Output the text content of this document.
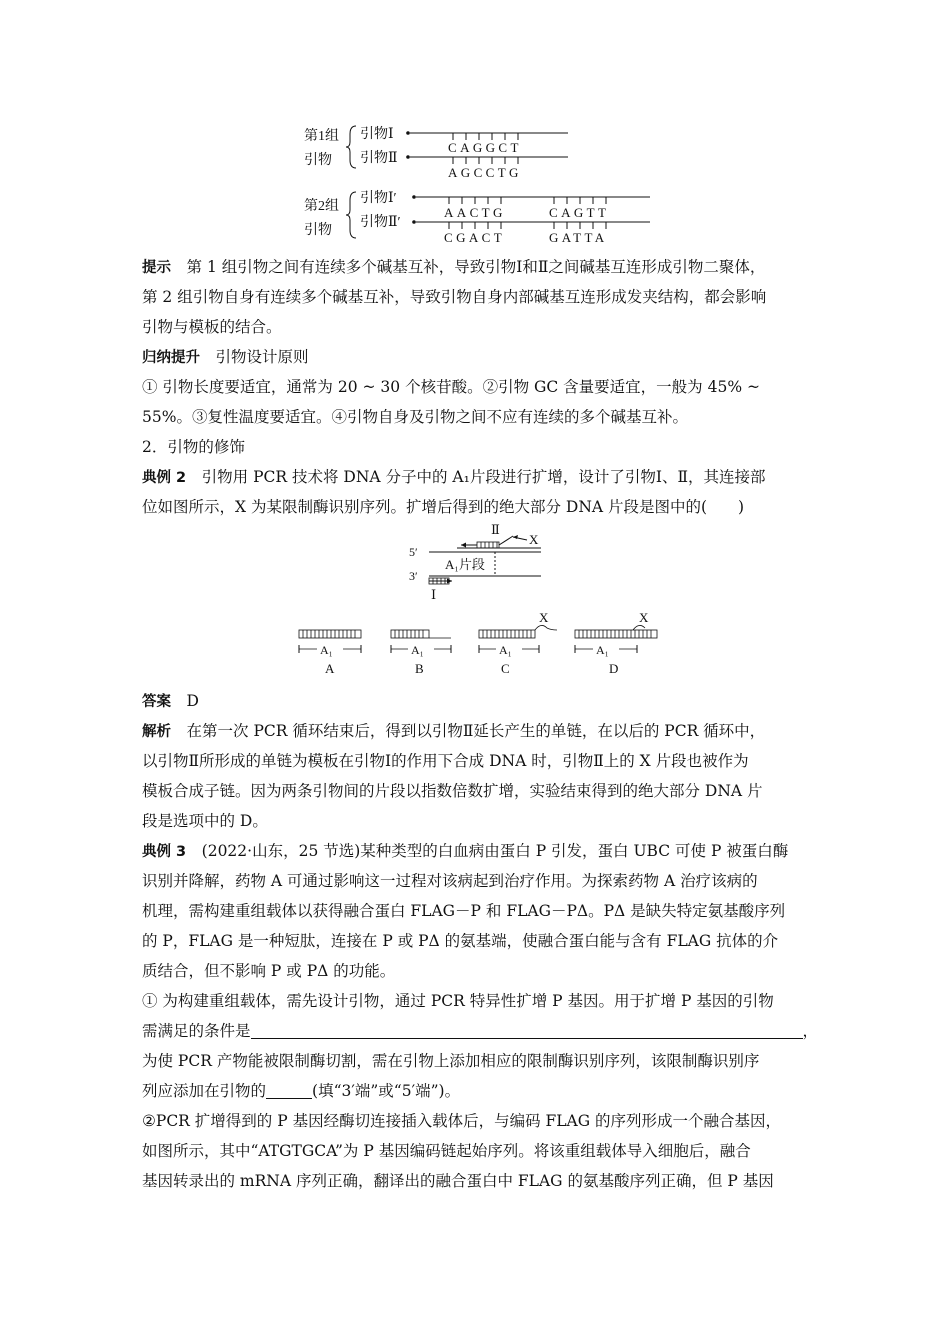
第1组
引物
引物Ⅰ
CAGGCT
引物Ⅱ
AGCCTG
第2组
引物
引物Ⅰ′
AACTG	CAGTT
引物Ⅱ′
CGACT	GATTA
提示　 第 1 组引物之间有连续多个碱基互补，导致引物Ⅰ和Ⅱ之间碱基互连形成引物二聚体，
第 2 组引物自身有连续多个碱基互补，导致引物自身内部碱基互连形成发夹结构，都会影响
引物与模板的结合。
归纳提升　 引物设计原则
① 引物长度要适宜，通常为 20 ~ 30 个核苷酸。②引物 GC 含量要适宜，一般为 45% ~
55%。③复性温度要适宜。④引物自身及引物之间不应有连续的多个碱基互补。
2．引物的修饰
典例 2　 引物用 PCR 技术将 DNA 分子中的 A₁片段进行扩增，设计了引物Ⅰ、Ⅱ，其连接部
位如图所示，X 为某限制酶识别序列。扩增后得到的绝大部分 DNA 片段是图中的(　　)
Ⅱ
5′
X
A₁片段
3′
Ⅰ
A₁
A
A₁
B
X
A₁
C
X
A₁
D
答案　 D
解析　 在第一次 PCR 循环结束后，得到以引物Ⅱ延长产生的单链，在以后的 PCR 循环中，
以引物Ⅱ所形成的单链为模板在引物Ⅰ的作用下合成 DNA 时，引物Ⅱ上的 X 片段也被作为
模板合成子链。因为两条引物间的片段以指数倍数扩增，实验结束得到的绝大部分 DNA 片
段是选项中的 D。
典例 3　 (2022·山东，25 节选)某种类型的白血病由蛋白 P 引发，蛋白 UBC 可使 P 被蛋白酶
识别并降解，药物 A 可通过影响这一过程对该病起到治疗作用。为探索药物 A 治疗该病的
机理，需构建重组载体以获得融合蛋白 FLAG－P 和 FLAG－PΔ。PΔ 是缺失特定氨基酸序列
的 P，FLAG 是一种短肽，连接在 P 或 PΔ 的氨基端，使融合蛋白能与含有 FLAG 抗体的介
质结合，但不影响 P 或 PΔ 的功能。
① 为构建重组载体，需先设计引物，通过 PCR 特异性扩增 P 基因。用于扩增 P 基因的引物
需满足的条件是	，
为使 PCR 产物能被限制酶切割，需在引物上添加相应的限制酶识别序列，该限制酶识别序
列应添加在引物的	(填“3′端”或“5′端”)。
②PCR 扩增得到的 P 基因经酶切连接插入载体后，与编码 FLAG 的序列形成一个融合基因，
如图所示，其中“ATGTGCA”为 P 基因编码链起始序列。将该重组载体导入细胞后，融合
基因转录出的 mRNA 序列正确，翻译出的融合蛋白中 FLAG 的氨基酸序列正确，但 P 基因
